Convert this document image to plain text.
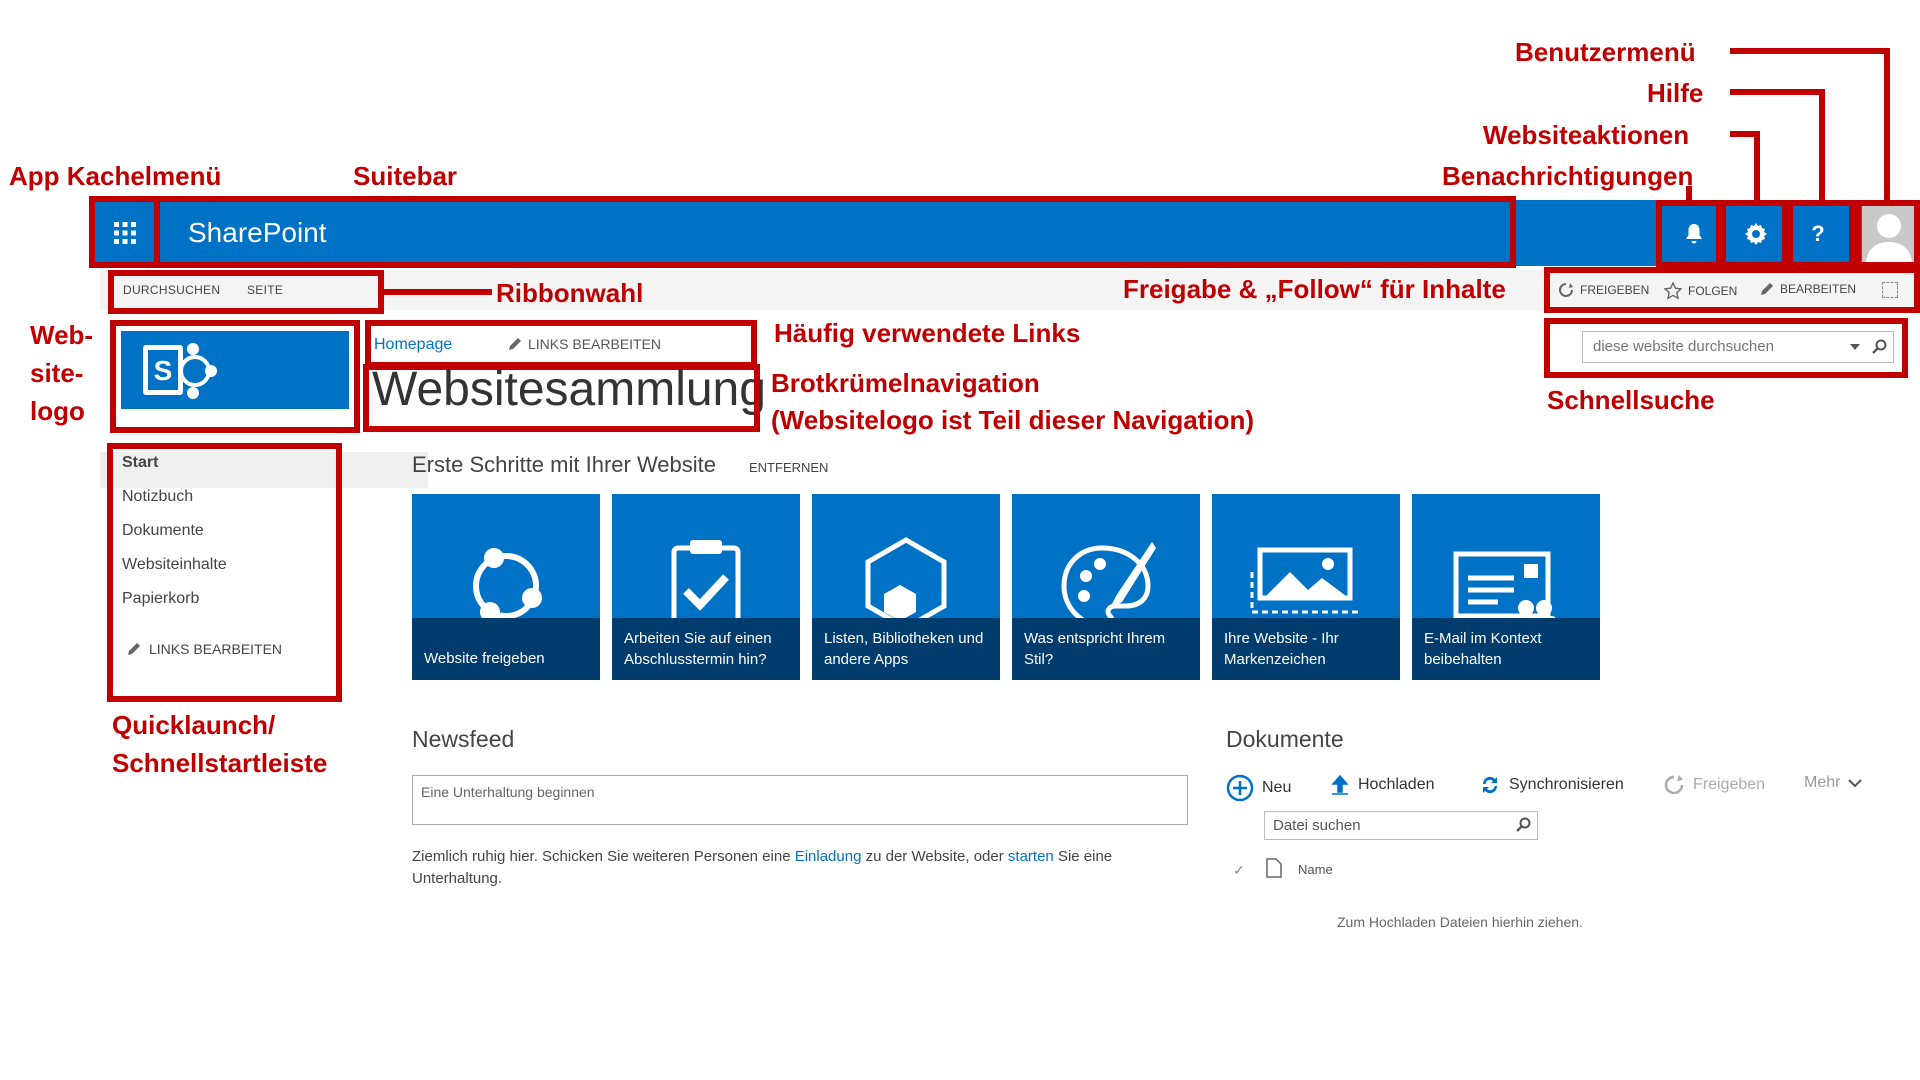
SharePoint	?
DURCHSUCHEN SEITE	FREIGEBEN	FOLGEN	BEARBEITEN
S
Homepage	LINKS BEARBEITEN
Websitesammlung
diese website durchsuchen
Start
Notizbuch
Dokumente
Websiteinhalte
Papierkorb
LINKS BEARBEITEN
Erste Schritte mit Ihrer Website	ENTFERNEN
Website freigeben
Arbeiten Sie auf einen Abschlusstermin hin?
Listen, Bibliotheken und andere Apps
Was entspricht Ihrem Stil?
Ihre Website - Ihr Markenzeichen
E-Mail im Kontext beibehalten
Newsfeed
Eine Unterhaltung beginnen
Ziemlich ruhig hier. Schicken Sie weiteren Personen eine Einladung zu der Website, oder starten Sie eine Unterhaltung.
Dokumente
Neu	Hochladen	Synchronisieren	Freigeben Mehr
Datei suchen
✓	Name
Zum Hochladen Dateien hierhin ziehen.
Benutzermenü
Hilfe
Websiteaktionen
Benachrichtigungen
App Kachelmenü	Suitebar
Ribbonwahl	Freigabe & „Follow“ für Inhalte
Web-
site-
logo
Häufig verwendete Links
Brotkrümelnavigation
(Websitelogo ist Teil dieser Navigation)
Schnellsuche
Quicklaunch/
Schnellstartleiste
